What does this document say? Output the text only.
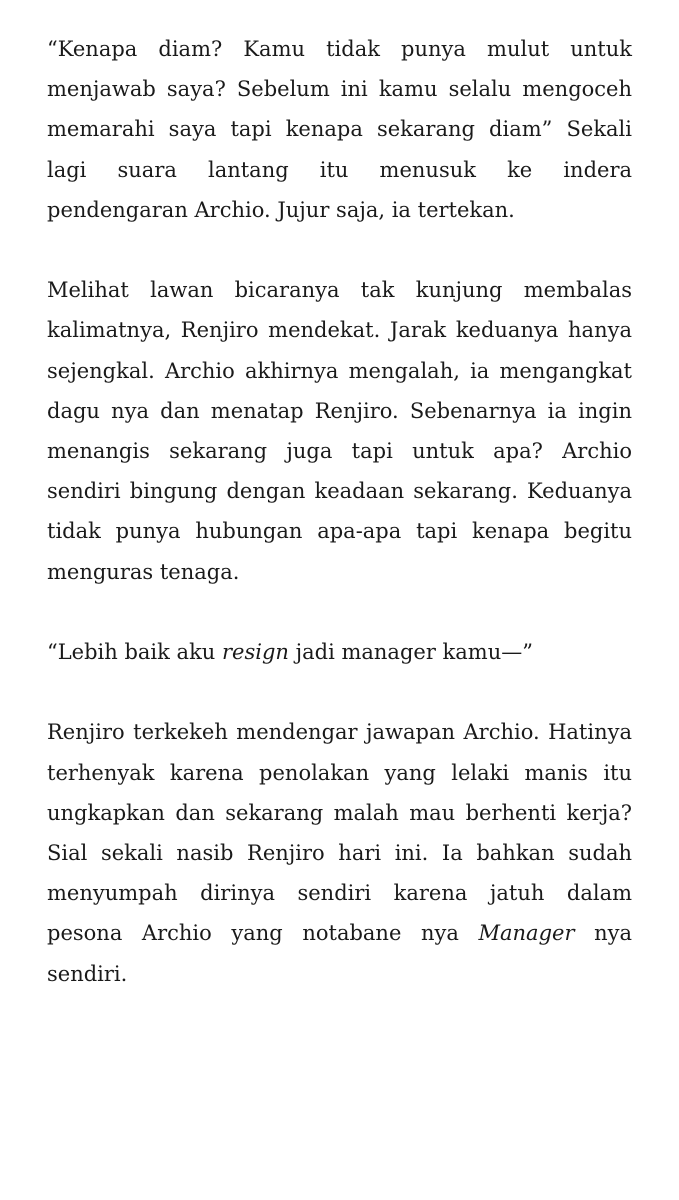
“Kenapa diam? Kamu tidak punya mulut untuk menjawab saya? Sebelum ini kamu selalu mengoceh memarahi saya tapi kenapa sekarang diam” Sekali lagi suara lantang itu menusuk ke indera pendengaran Archio. Jujur saja, ia tertekan.

Melihat lawan bicaranya tak kunjung membalas kalimatnya, Renjiro mendekat. Jarak keduanya hanya sejengkal. Archio akhirnya mengalah, ia mengangkat dagu nya dan menatap Renjiro. Sebenarnya ia ingin menangis sekarang juga tapi untuk apa? Archio sendiri bingung dengan keadaan sekarang. Keduanya tidak punya hubungan apa-apa tapi kenapa begitu menguras tenaga.

“Lebih baik aku resign jadi manager kamu—”

Renjiro terkekeh mendengar jawapan Archio. Hatinya terhenyak karena penolakan yang lelaki manis itu ungkapkan dan sekarang malah mau berhenti kerja? Sial sekali nasib Renjiro hari ini. Ia bahkan sudah menyumpah dirinya sendiri karena jatuh dalam pesona Archio yang notabane nya Manager nya sendiri.
